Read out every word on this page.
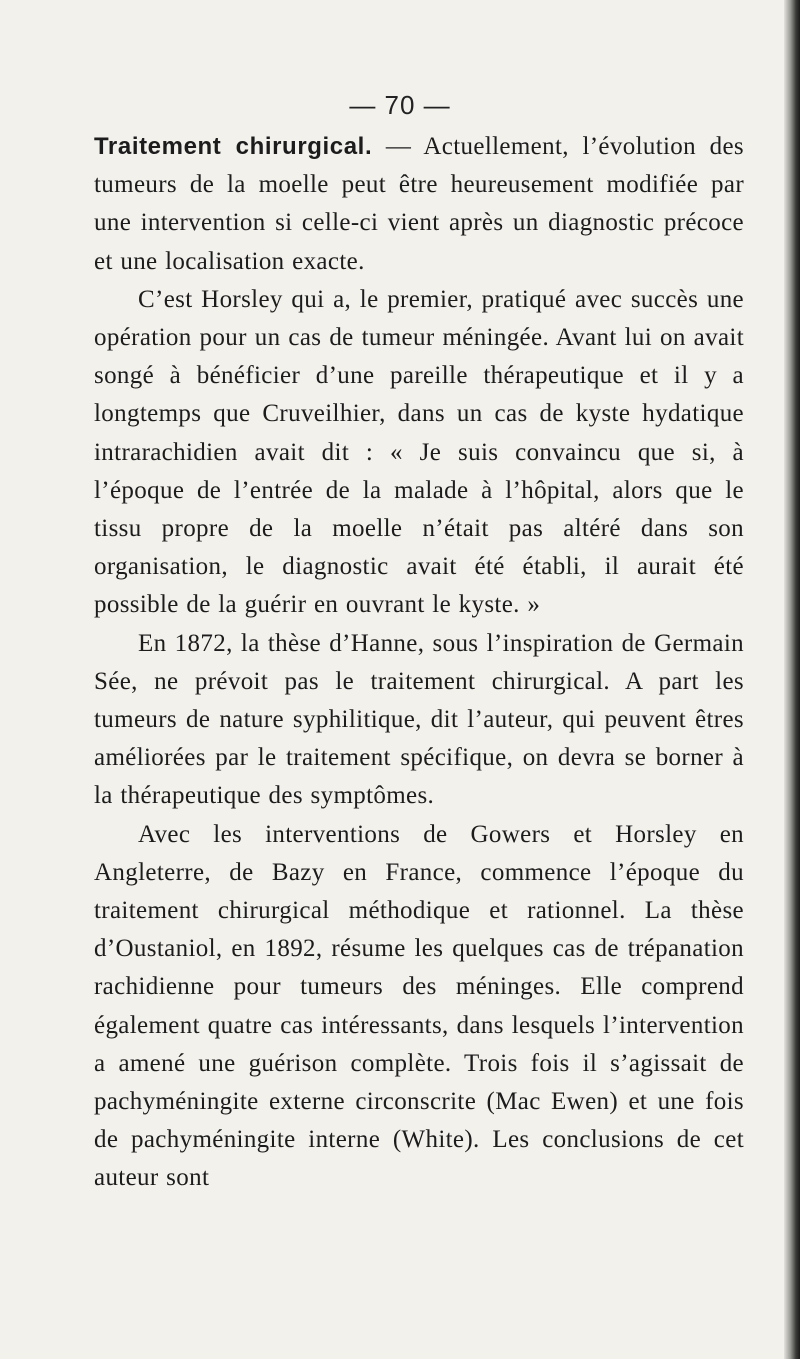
— 70 —

Traitement chirurgical. — Actuellement, l’évolution des tumeurs de la moelle peut être heureusement modifiée par une intervention si celle-ci vient après un diagnostic précoce et une localisation exacte.

C’est Horsley qui a, le premier, pratiqué avec succès une opération pour un cas de tumeur méningée. Avant lui on avait songé à bénéficier d’une pareille thérapeutique et il y a longtemps que Cruveilhier, dans un cas de kyste hydatique intrarachidien avait dit : « Je suis convaincu que si, à l’époque de l’entrée de la malade à l’hôpital, alors que le tissu propre de la moelle n’était pas altéré dans son organisation, le diagnostic avait été établi, il aurait été possible de la guérir en ouvrant le kyste. »

En 1872, la thèse d’Hanne, sous l’inspiration de Germain Sée, ne prévoit pas le traitement chirurgical. A part les tumeurs de nature syphilitique, dit l’auteur, qui peuvent êtres améliorées par le traitement spécifique, on devra se borner à la thérapeutique des symptômes.

Avec les interventions de Gowers et Horsley en Angleterre, de Bazy en France, commence l’époque du traitement chirurgical méthodique et rationnel. La thèse d’Oustaniol, en 1892, résume les quelques cas de trépanation rachidienne pour tumeurs des méninges. Elle comprend également quatre cas intéressants, dans lesquels l’intervention a amené une guérison complète. Trois fois il s’agissait de pachyméningite externe circonscrite (Mac Ewen) et une fois de pachyméningite interne (White). Les conclusions de cet auteur sont
